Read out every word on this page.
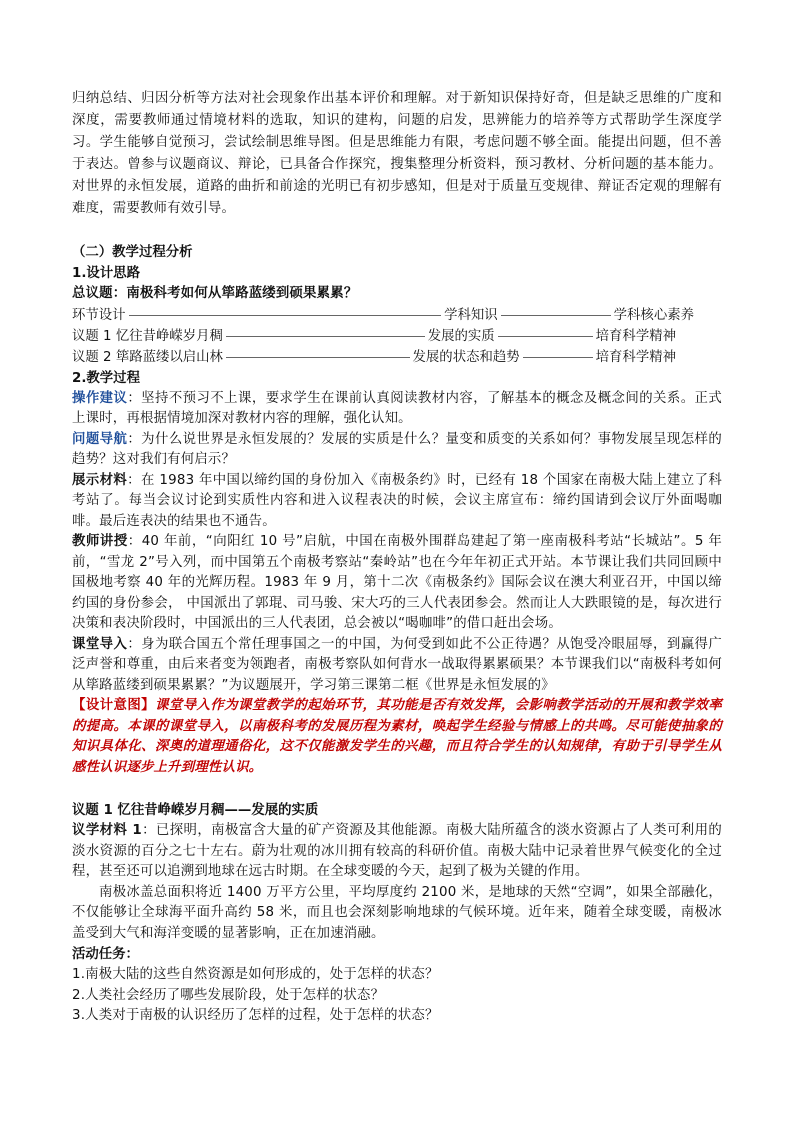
归纳总结、归因分析等方法对社会现象作出基本评价和理解。对于新知识保持好奇，但是缺乏思维的广度和深度，需要教师通过情境材料的选取，知识的建构，问题的启发，思辨能力的培养等方式帮助学生深度学习。学生能够自觉预习，尝试绘制思维导图。但是思维能力有限，考虑问题不够全面。能提出问题，但不善于表达。曾参与议题商议、辩论，已具备合作探究，搜集整理分析资料，预习教材、分析问题的基本能力。对世界的永恒发展，道路的曲折和前途的光明已有初步感知，但是对于质量互变规律、辩证否定观的理解有难度，需要教师有效引导。

（二）教学过程分析

1.设计思路

总议题：南极科考如何从筚路蓝缕到硕果累累？

环节设计	学科知识	学科核心素养
议题 1 忆往昔峥嵘岁月稠	发展的实质	培育科学精神
议题 2 筚路蓝缕以启山林	发展的状态和趋势	培育科学精神

2.教学过程

操作建议：坚持不预习不上课，要求学生在课前认真阅读教材内容，了解基本的概念及概念间的关系。正式上课时，再根据情境加深对教材内容的理解，强化认知。

问题导航：为什么说世界是永恒发展的？发展的实质是什么？量变和质变的关系如何？事物发展呈现怎样的趋势？这对我们有何启示？

展示材料：在 1983 年中国以缔约国的身份加入《南极条约》时，已经有 18 个国家在南极大陆上建立了科考站了。每当会议讨论到实质性内容和进入议程表决的时候，会议主席宣布：缔约国请到会议厅外面喝咖啡。最后连表决的结果也不通告。

教师讲授：40 年前，“向阳红 10 号”启航，中国在南极外围群岛建起了第一座南极科考站“长城站”。5 年前，“雪龙 2”号入列，而中国第五个南极考察站“秦岭站”也在今年年初正式开站。本节课让我们共同回顾中国极地考察 40 年的光辉历程。1983 年 9 月，第十二次《南极条约》国际会议在澳大利亚召开，中国以缔约国的身份参会， 中国派出了郭琨、司马骏、宋大巧的三人代表团参会。然而让人大跌眼镜的是，每次进行决策和表决阶段时，中国派出的三人代表团，总会被以“喝咖啡”的借口赶出会场。

课堂导入：身为联合国五个常任理事国之一的中国，为何受到如此不公正待遇？从饱受冷眼屈辱，到赢得广泛声誉和尊重，由后来者变为领跑者，南极考察队如何背水一战取得累累硕果？本节课我们以“南极科考如何从筚路蓝缕到硕果累累？”为议题展开，学习第三课第二框《世界是永恒发展的》

【设计意图】课堂导入作为课堂教学的起始环节，其功能是否有效发挥，会影响教学活动的开展和教学效率的提高。本课的课堂导入，以南极科考的发展历程为素材，唤起学生经验与情感上的共鸣。尽可能使抽象的知识具体化、深奥的道理通俗化，这不仅能激发学生的兴趣，而且符合学生的认知规律，有助于引导学生从感性认识逐步上升到理性认识。

议题 1 忆往昔峥嵘岁月稠——发展的实质

议学材料 1：已探明，南极富含大量的矿产资源及其他能源。南极大陆所蕴含的淡水资源占了人类可利用的淡水资源的百分之七十左右。蔚为壮观的冰川拥有较高的科研价值。南极大陆中记录着世界气候变化的全过程，甚至还可以追溯到地球在远古时期。在全球变暖的今天，起到了极为关键的作用。

南极冰盖总面积将近 1400 万平方公里，平均厚度约 2100 米，是地球的天然“空调”，如果全部融化，不仅能够让全球海平面升高约 58 米，而且也会深刻影响地球的气候环境。近年来，随着全球变暖，南极冰盖受到大气和海洋变暖的显著影响，正在加速消融。

活动任务：

1.南极大陆的这些自然资源是如何形成的，处于怎样的状态？

2.人类社会经历了哪些发展阶段，处于怎样的状态？

3.人类对于南极的认识经历了怎样的过程，处于怎样的状态？
